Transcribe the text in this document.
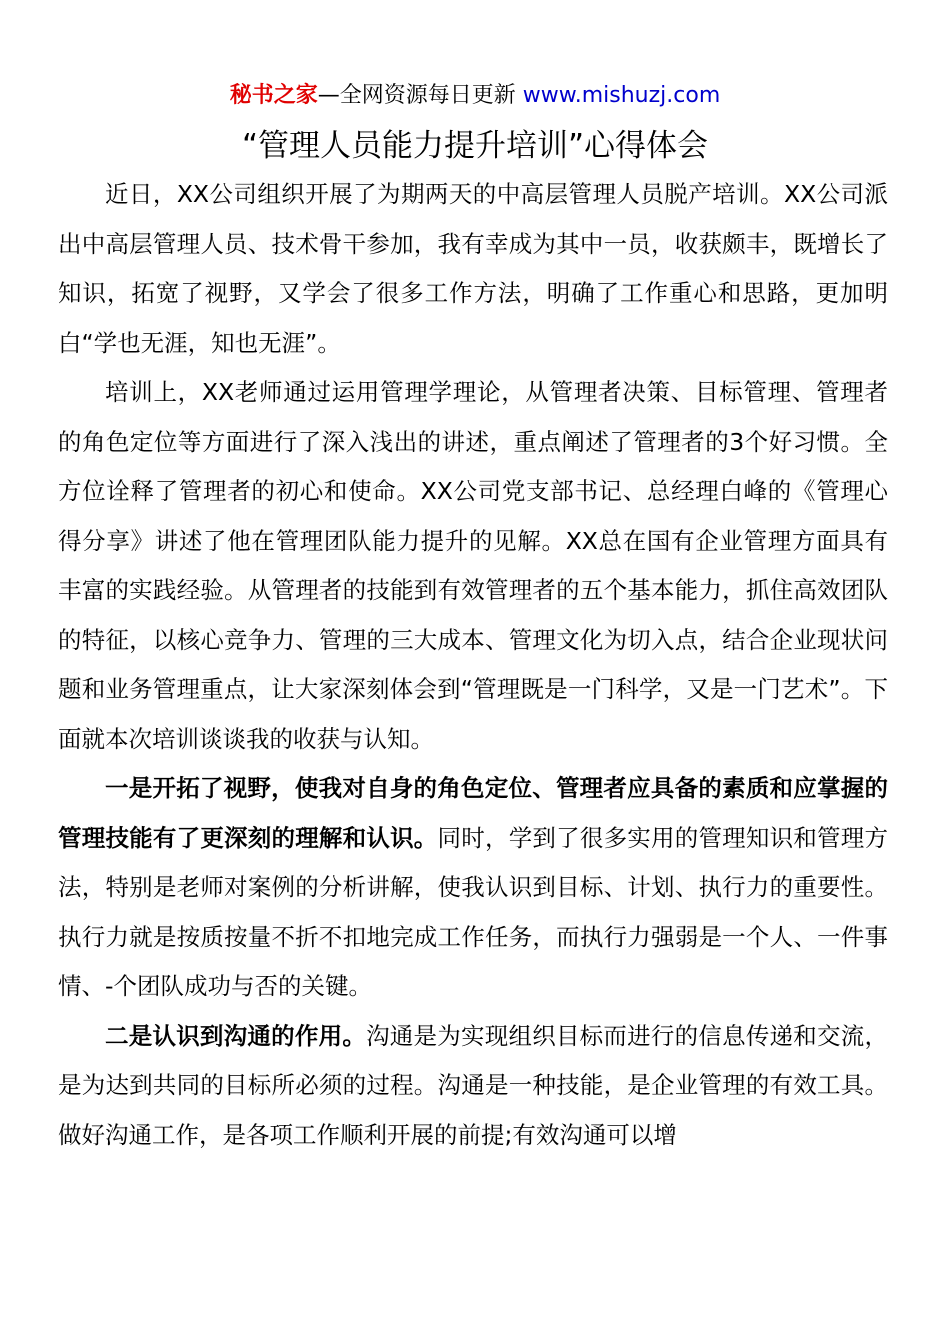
秘书之家—全网资源每日更新 www.mishuzj.com
“管理人员能力提升培训”心得体会

近日，XX公司组织开展了为期两天的中高层管理人员脱产培训。XX公司派出中高层管理人员、技术骨干参加，我有幸成为其中一员，收获颇丰，既增长了知识，拓宽了视野，又学会了很多工作方法，明确了工作重心和思路，更加明白“学也无涯，知也无涯”。

培训上，XX老师通过运用管理学理论，从管理者决策、目标管理、管理者的角色定位等方面进行了深入浅出的讲述，重点阐述了管理者的3个好习惯。全方位诠释了管理者的初心和使命。XX公司党支部书记、总经理白峰的《管理心得分享》讲述了他在管理团队能力提升的见解。XX总在国有企业管理方面具有丰富的实践经验。从管理者的技能到有效管理者的五个基本能力，抓住高效团队的特征，以核心竞争力、管理的三大成本、管理文化为切入点，结合企业现状问题和业务管理重点，让大家深刻体会到“管理既是一门科学，又是一门艺术”。下面就本次培训谈谈我的收获与认知。

一是开拓了视野，使我对自身的角色定位、管理者应具备的素质和应掌握的管理技能有了更深刻的理解和认识。同时，学到了很多实用的管理知识和管理方法，特别是老师对案例的分析讲解，使我认识到目标、计划、执行力的重要性。执行力就是按质按量不折不扣地完成工作任务，而执行力强弱是一个人、一件事情、-个团队成功与否的关键。

二是认识到沟通的作用。沟通是为实现组织目标而进行的信息传递和交流，是为达到共同的目标所必须的过程。沟通是一种技能，是企业管理的有效工具。做好沟通工作，是各项工作顺利开展的前提;有效沟通可以增
